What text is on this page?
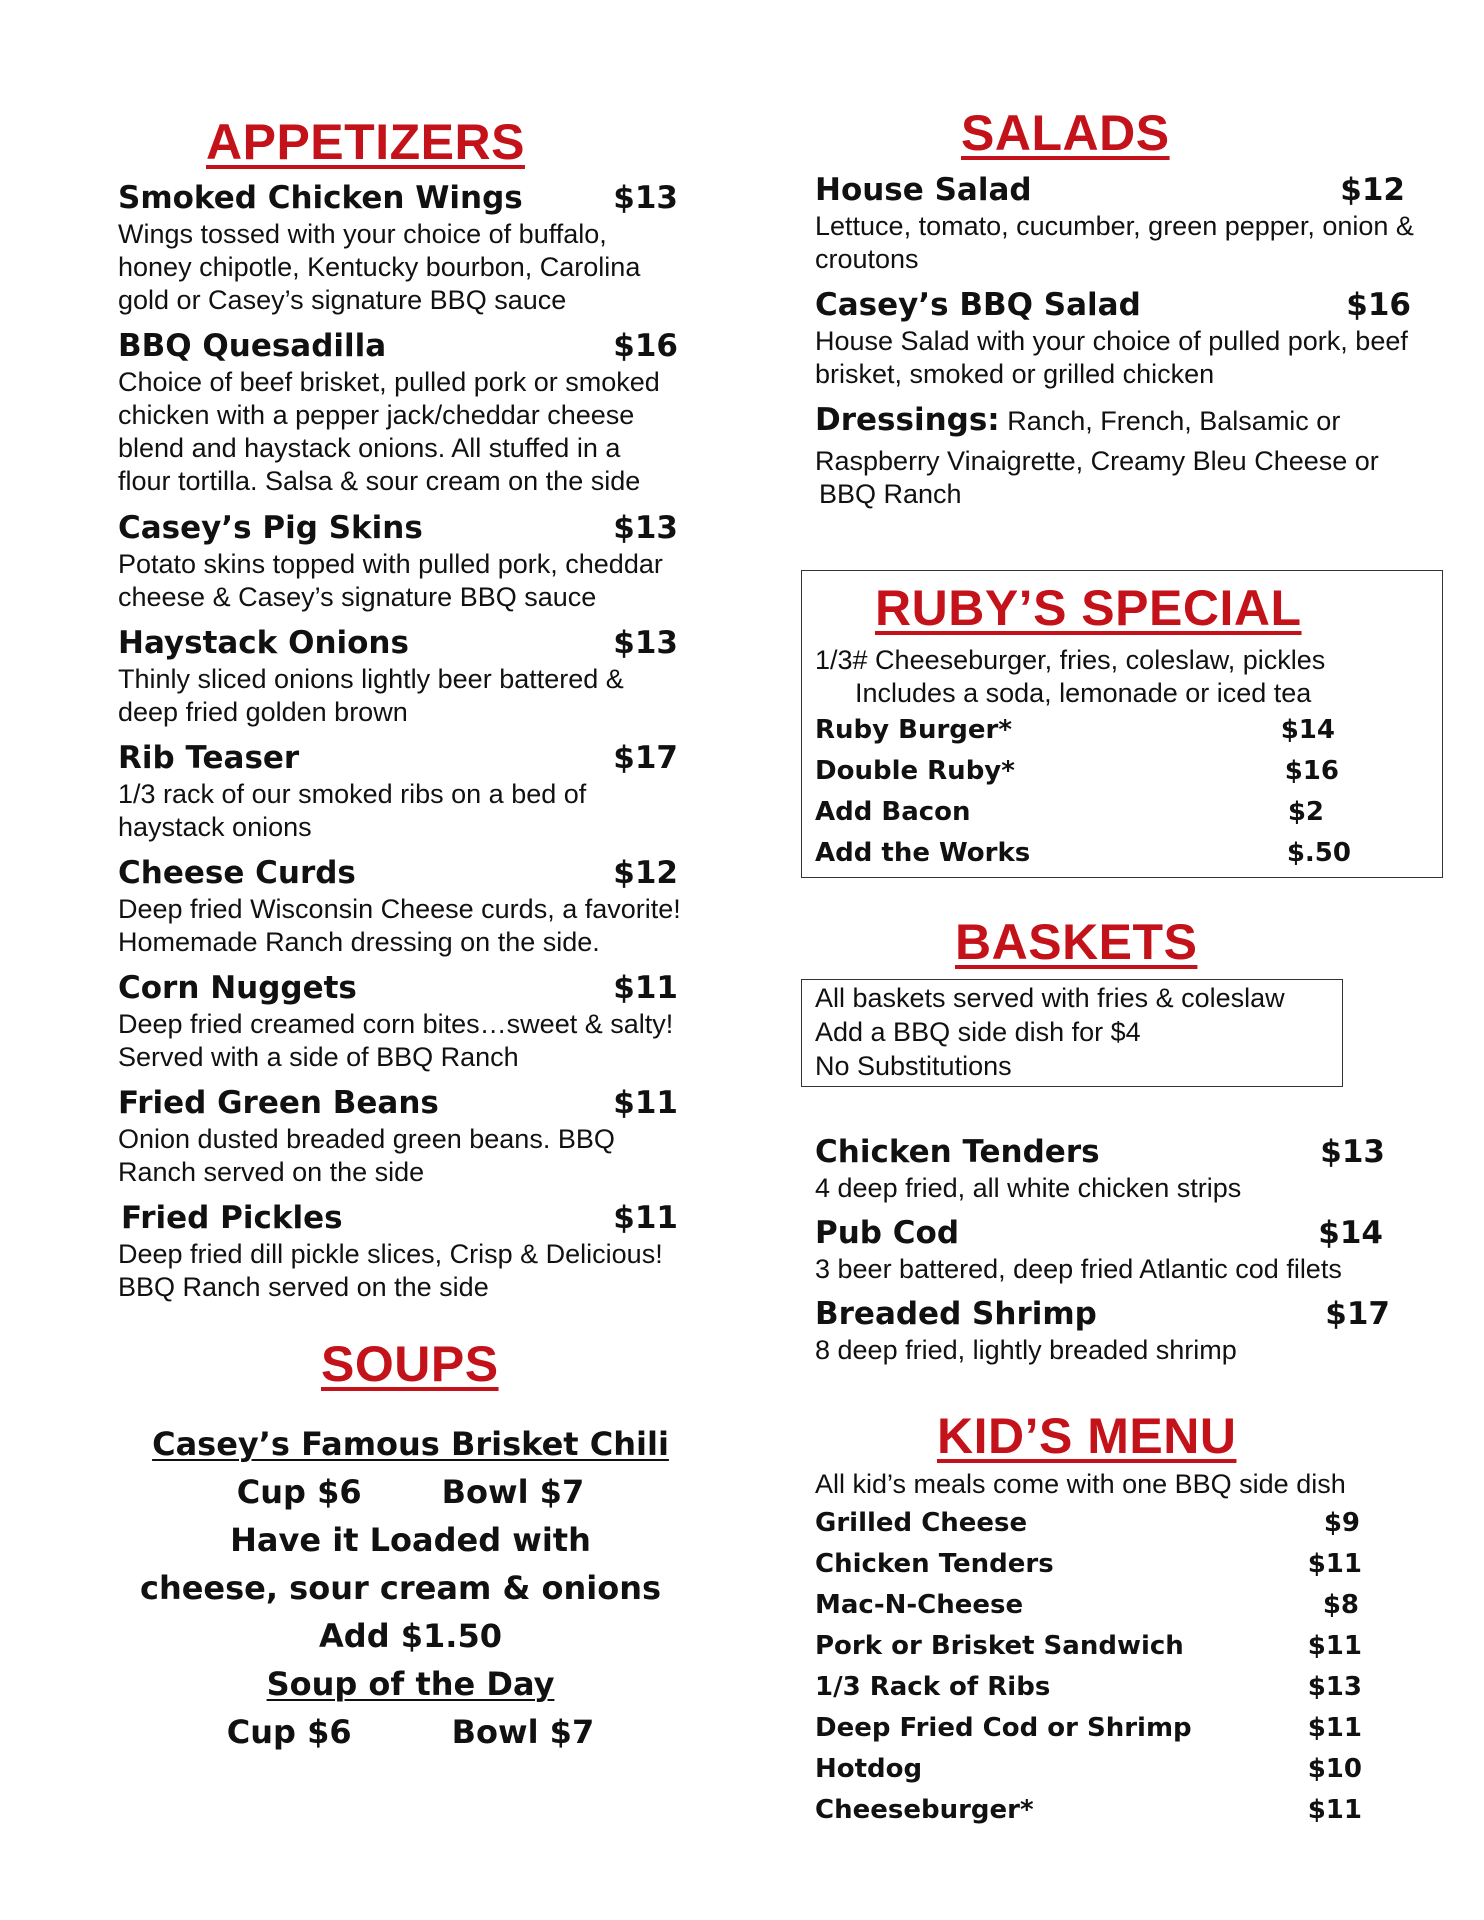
APPETIZERS
Smoked Chicken Wings	$13
Wings tossed with your choice of buffalo, honey chipotle, Kentucky bourbon, Carolina gold or Casey’s signature BBQ sauce
BBQ Quesadilla	$16
Choice of beef brisket, pulled pork or smoked chicken with a pepper jack/cheddar cheese blend and haystack onions. All stuffed in a flour tortilla. Salsa & sour cream on the side
Casey’s Pig Skins	$13
Potato skins topped with pulled pork, cheddar cheese & Casey’s signature BBQ sauce
Haystack Onions	$13
Thinly sliced onions lightly beer battered & deep fried golden brown
Rib Teaser	$17
1/3 rack of our smoked ribs on a bed of haystack onions
Cheese Curds	$12
Deep fried Wisconsin Cheese curds, a favorite! Homemade Ranch dressing on the side.
Corn Nuggets	$11
Deep fried creamed corn bites…sweet & salty! Served with a side of BBQ Ranch
Fried Green Beans	$11
Onion dusted breaded green beans. BBQ Ranch served on the side
Fried Pickles	$11
Deep fried dill pickle slices, Crisp & Delicious! BBQ Ranch served on the side
SOUPS
Casey’s Famous Brisket Chili
Cup $6	Bowl $7
Have it Loaded with
cheese, sour cream & onions
Add $1.50
Soup of the Day
Cup $6	Bowl $7
SALADS
House Salad	$12
Lettuce, tomato, cucumber, green pepper, onion & croutons
Casey’s BBQ Salad	$16
House Salad with your choice of pulled pork, beef brisket, smoked or grilled chicken
Dressings: Ranch, French, Balsamic or
Raspberry Vinaigrette, Creamy Bleu Cheese or
BBQ Ranch
RUBY’S SPECIAL
1/3# Cheeseburger, fries, coleslaw, pickles
Includes a soda, lemonade or iced tea
Ruby Burger*	$14
Double Ruby*	$16
Add Bacon	$2
Add the Works	$.50
BASKETS
All baskets served with fries & coleslaw
Add a BBQ side dish for $4
No Substitutions
Chicken Tenders	$13
4 deep fried, all white chicken strips
Pub Cod	$14
3 beer battered, deep fried Atlantic cod filets
Breaded Shrimp	$17
8 deep fried, lightly breaded shrimp
KID’S MENU
All kid’s meals come with one BBQ side dish
Grilled Cheese	$9
Chicken Tenders	$11
Mac-N-Cheese	$8
Pork or Brisket Sandwich	$11
1/3 Rack of Ribs	$13
Deep Fried Cod or Shrimp	$11
Hotdog	$10
Cheeseburger*	$11
